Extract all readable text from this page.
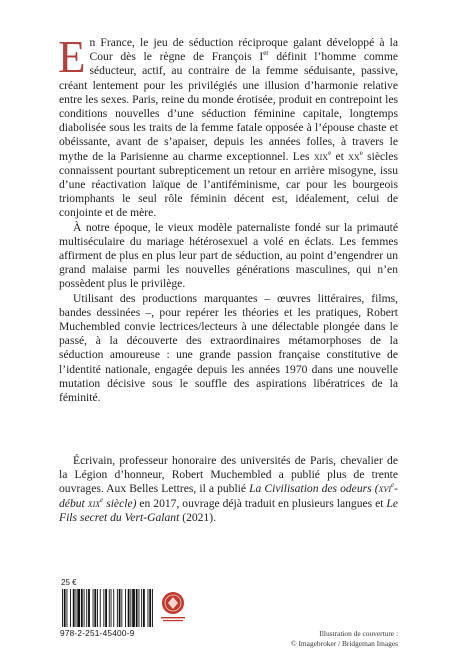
En France, le jeu de séduction réciproque galant développé à la Cour dès le règne de François Ier définit l’homme comme séducteur, actif, au contraire de la femme séduisante, passive, créant lentement pour les privilégiés une illusion d’harmonie relative entre les sexes. Paris, reine du monde érotisée, produit en contrepoint les conditions nouvelles d’une séduction féminine capitale, longtemps diabolisée sous les traits de la femme fatale opposée à l’épouse chaste et obéissante, avant de s’apaiser, depuis les années folles, à travers le mythe de la Parisienne au charme exceptionnel. Les xix$^e$ et $xx^e$ siècles connaissent pourtant subrepticement un retour en arrière misogyne, issu d’une réactivation laïque de l’antiféminisme, car pour les bourgeois triomphants le seul rôle féminin décent est, idéalement, celui de conjointe et de mère.

À notre époque, le vieux modèle paternaliste fondé sur la primauté multiséculaire du mariage hétérosexuel a volé en éclats. Les femmes affirment de plus en plus leur part de séduction, au point d’engendrer un grand malaise parmi les nouvelles générations masculines, qui n’en possèdent plus le privilège.

Utilisant des productions marquantes – œuvres littéraires, films, bandes dessinées –, pour repérer les théories et les pratiques, Robert Muchembled convie lectrices/lecteurs à une délectable plongée dans le passé, à la découverte des extraordinaires métamorphoses de la séduction amoureuse : une grande passion française constitutive de l’identité nationale, engagée depuis les années 1970 dans une nouvelle mutation décisive sous le souffle des aspirations libératrices de la féminité.

Écrivain, professeur honoraire des universités de Paris, chevalier de la Légion d’honneur, Robert Muchembled a publié plus de trente ouvrages. Aux Belles Lettres, il a publié La Civilisation des odeurs (xvi$^e$-début xix$^e$ siècle) en 2017, ouvrage déjà traduit en plusieurs langues et Le Fils secret du Vert-Galant (2021).

25 €
978-2-251-45400-9	Illustration de couverture :
© Imagebroker / Bridgeman Images
